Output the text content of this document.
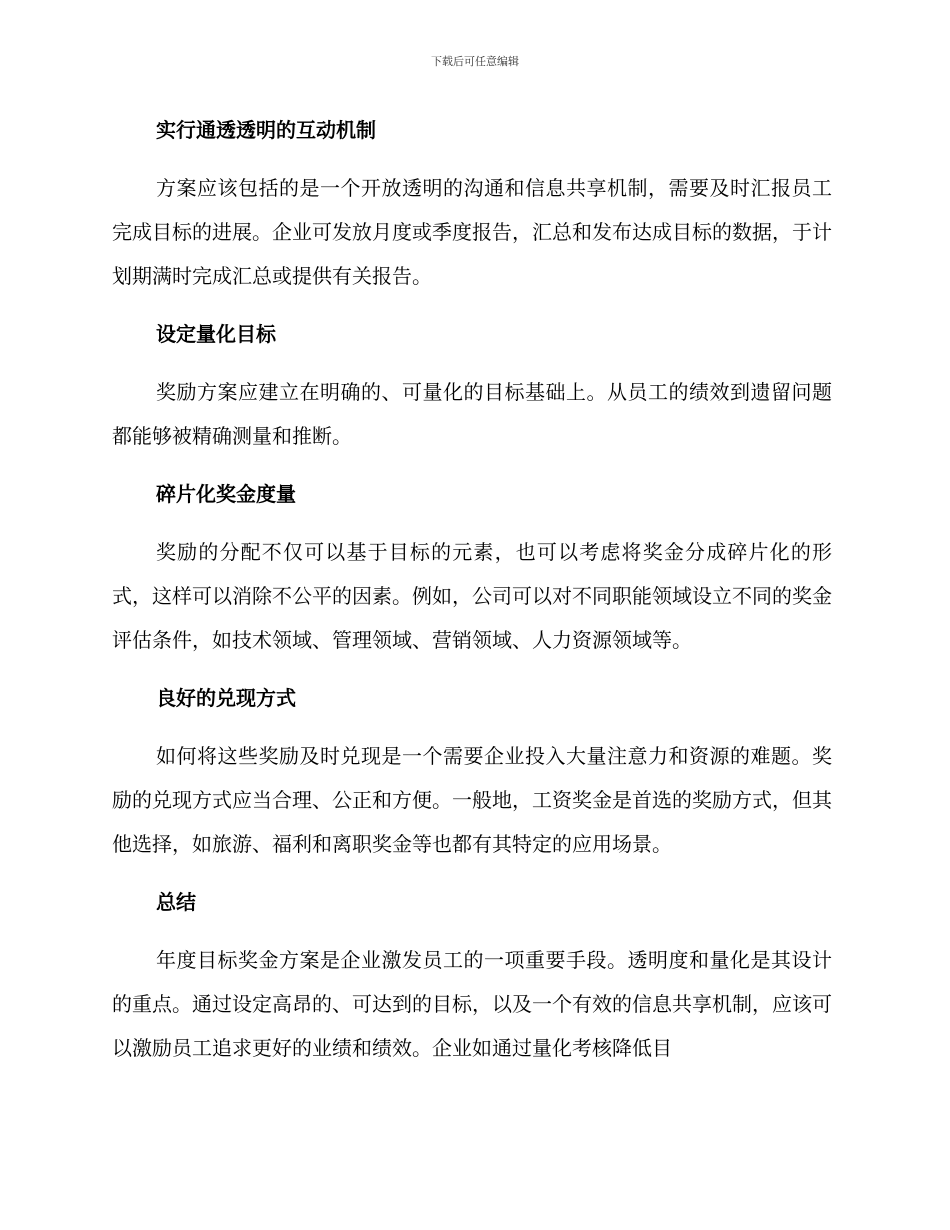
下载后可任意编辑
实行通透透明的互动机制

方案应该包括的是一个开放透明的沟通和信息共享机制，需要及时汇报员工完成目标的进展。企业可发放月度或季度报告，汇总和发布达成目标的数据，于计划期满时完成汇总或提供有关报告。

设定量化目标

奖励方案应建立在明确的、可量化的目标基础上。从员工的绩效到遗留问题都能够被精确测量和推断。

碎片化奖金度量

奖励的分配不仅可以基于目标的元素，也可以考虑将奖金分成碎片化的形式，这样可以消除不公平的因素。例如，公司可以对不同职能领域设立不同的奖金评估条件，如技术领域、管理领域、营销领域、人力资源领域等。

良好的兑现方式

如何将这些奖励及时兑现是一个需要企业投入大量注意力和资源的难题。奖励的兑现方式应当合理、公正和方便。一般地，工资奖金是首选的奖励方式，但其他选择，如旅游、福利和离职奖金等也都有其特定的应用场景。

总结

年度目标奖金方案是企业激发员工的一项重要手段。透明度和量化是其设计的重点。通过设定高昂的、可达到的目标，以及一个有效的信息共享机制，应该可以激励员工追求更好的业绩和绩效。企业如通过量化考核降低目
